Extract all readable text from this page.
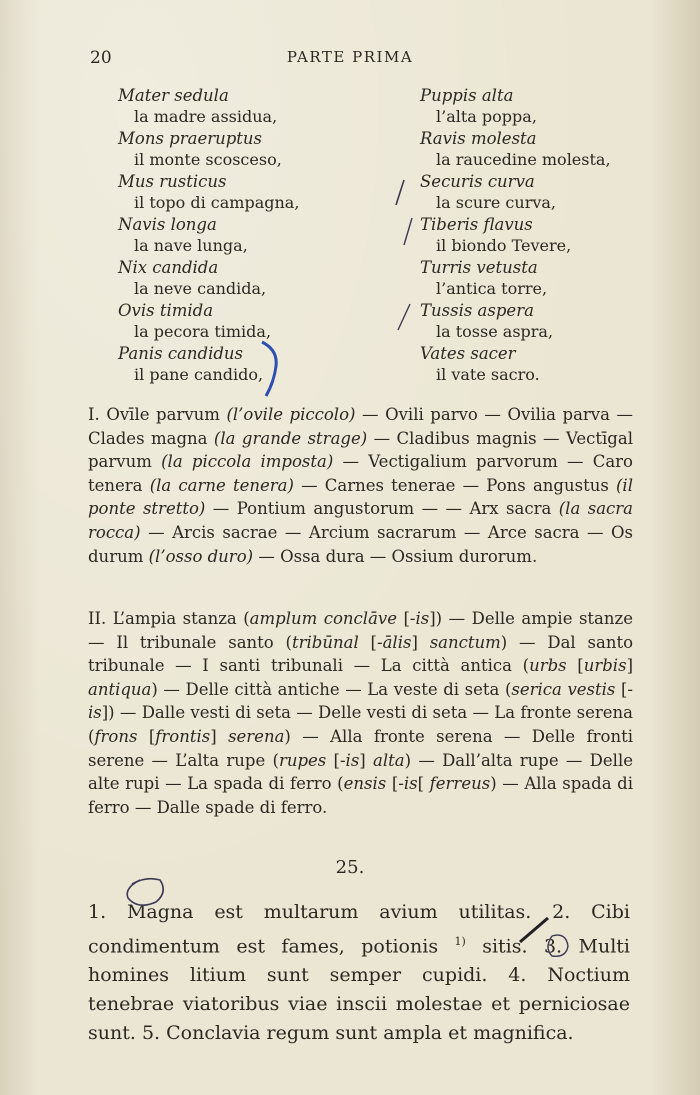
20	PARTE PRIMA
Mater sedula
la madre assidua,
Mons praeruptus
il monte scosceso,
Mus rusticus
il topo di campagna,
Navis longa
la nave lunga,
Nix candida
la neve candida,
Ovis timida
la pecora timida,
Panis candidus
il pane candido,
Puppis alta
l’alta poppa,
Ravis molesta
la raucedine molesta,
Securis curva
la scure curva,
Tiberis flavus
il biondo Tevere,
Turris vetusta
l’antica torre,
Tussis aspera
la tosse aspra,
Vates sacer
il vate sacro.

I. Ovīle parvum (l’ovile piccolo) — Ovili parvo — Ovilia parva — Clades magna (la grande strage) — Cladibus magnis — Vectīgal parvum (la piccola imposta) — Vectigalium parvorum — Caro tenera (la carne tenera) — Carnes tenerae — Pons angustus (il ponte stretto) — Pontium angustorum — — Arx sacra (la sacra rocca) — Arcis sacrae — Arcium sacrarum — Arce sacra — Os durum (l’osso duro) — Ossa dura — Ossium durorum.

II. L’ampia stanza (amplum conclāve [-is]) — Delle ampie stanze — Il tribunale santo (tribūnal [-ālis] sanctum) — Dal santo tribunale — I santi tribunali — La città antica (urbs [urbis] antiqua) — Delle città antiche — La veste di seta (serica vestis [-is]) — Dalle vesti di seta — Delle vesti di seta — La fronte serena (frons [frontis] serena) — Alla fronte serena — Delle fronti serene — L’alta rupe (rupes [-is] alta) — Dall’alta rupe — Delle alte rupi — La spada di ferro (ensis [-is[ ferreus) — Alla spada di ferro — Dalle spade di ferro.

25.

1. Magna est multarum avium utilitas. 2. Cibi condimentum est fames, potionis $^{1)}$ sitis. 3. Multi homines litium sunt semper cupidi. 4. Noctium tenebrae viatoribus viae inscii molestae et perniciosae sunt. 5. Conclavia regum sunt ampla et magnifica.
